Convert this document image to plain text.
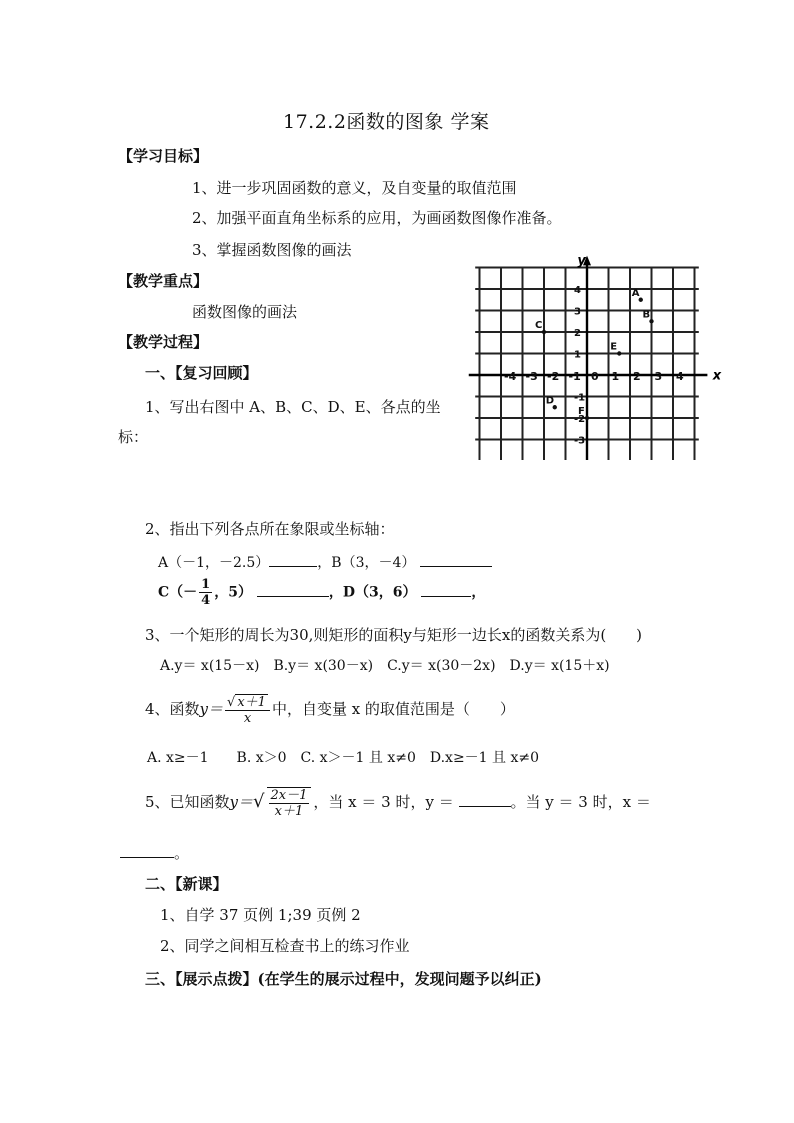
17.2.2函数的图象 学案
【学习目标】
1、进一步巩固函数的意义，及自变量的取值范围
2、加强平面直角坐标系的应用，为画函数图像作准备。
3、掌握函数图像的画法
【教学重点】
函数图像的画法
【教学过程】
一、【复习回顾】
1、写出右图中 A、B、C、D、E、各点的坐
标：
-4 -3 -2 -1 0 1 2 3 4
4
3
2
1
-1
-2
-3
A
B
C
D
E
F
x
y
2、指出下列各点所在象限或坐标轴：
A（－1，－2.5）	，B（3，－4）
$C(- \frac{1}{4}$ ，5）	，D（3，6）	，
3、一个矩形的周长为30,则矩形的面积y与矩形一边长x的函数关系为(　　)
A.y＝ x(15－x)　B.y＝ x(30－x)　C.y＝ x(30－2x)　D.y＝ x(15＋x)
4、函数$y= \frac{√ x+1}{x}$ 中，自变量 x 的取值范围是（　　）
A. x≥－1　　B. x＞0　C. x＞－1 且 x≠0　D.x≥－1 且 x≠0
5、已知函数$y=√ \frac{2x-1}{x+1}$ ，当 x ＝ 3 时，y ＝	。当 y ＝ 3 时，x ＝
。
二、【新课】
1、自学 37 页例 1;39 页例 2
2、同学之间相互检查书上的练习作业
三、【展示点拨】(在学生的展示过程中，发现问题予以纠正)
